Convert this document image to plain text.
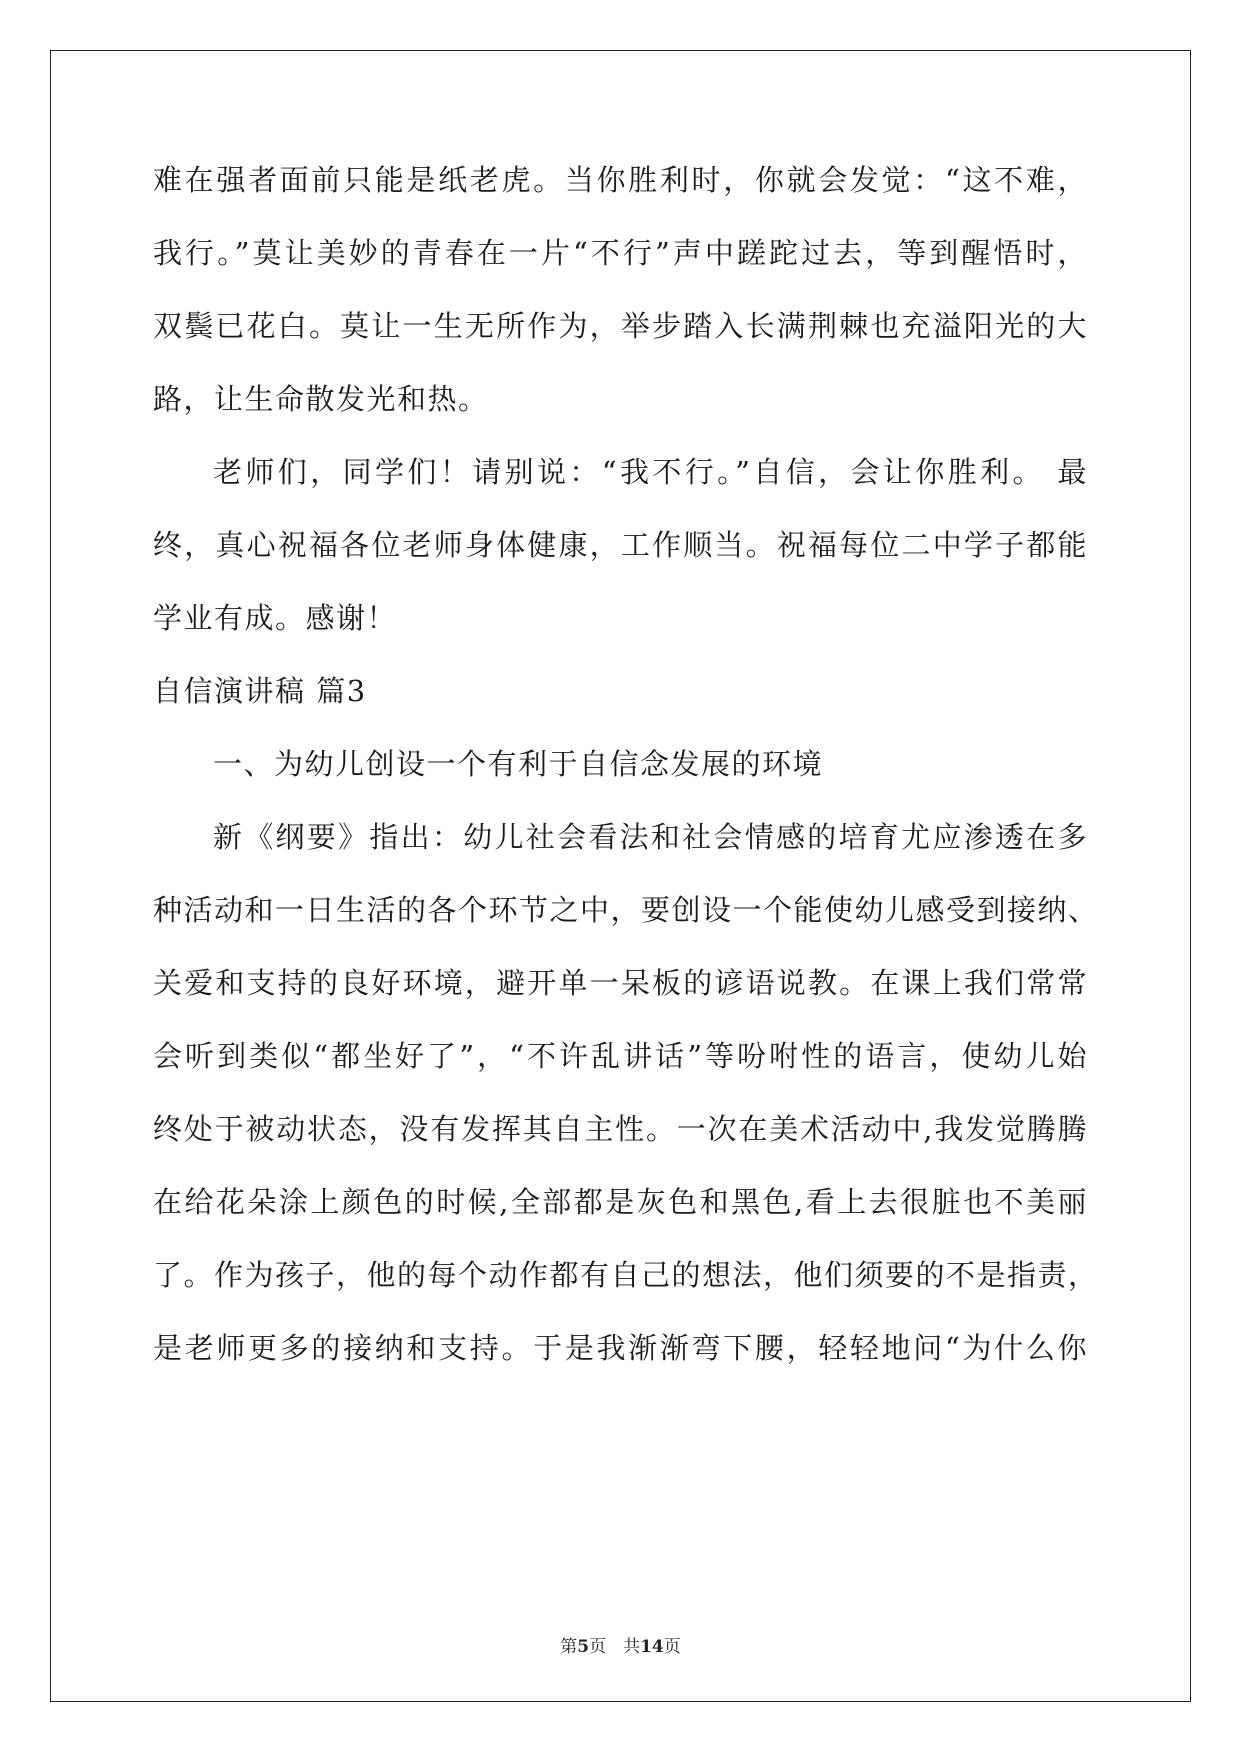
难在强者面前只能是纸老虎。当你胜利时，你就会发觉：“这不难，
我行。”莫让美妙的青春在一片“不行”声中蹉跎过去，等到醒悟时，
双鬓已花白。莫让一生无所作为，举步踏入长满荆棘也充溢阳光的大
路，让生命散发光和热。
老师们，同学们！请别说：“我不行。”自信，会让你胜利。 最
终，真心祝福各位老师身体健康，工作顺当。祝福每位二中学子都能
学业有成。感谢！
自信演讲稿 篇3
一、为幼儿创设一个有利于自信念发展的环境
新《纲要》指出：幼儿社会看法和社会情感的培育尤应渗透在多
种活动和一日生活的各个环节之中，要创设一个能使幼儿感受到接纳、
关爱和支持的良好环境，避开单一呆板的谚语说教。在课上我们常常
会听到类似“都坐好了”，“不许乱讲话”等吩咐性的语言，使幼儿始
终处于被动状态，没有发挥其自主性。一次在美术活动中,我发觉腾腾
在给花朵涂上颜色的时候,全部都是灰色和黑色,看上去很脏也不美丽
了。作为孩子，他的每个动作都有自己的想法，他们须要的不是指责，
是老师更多的接纳和支持。于是我渐渐弯下腰，轻轻地问“为什么你
第5页　共14页
